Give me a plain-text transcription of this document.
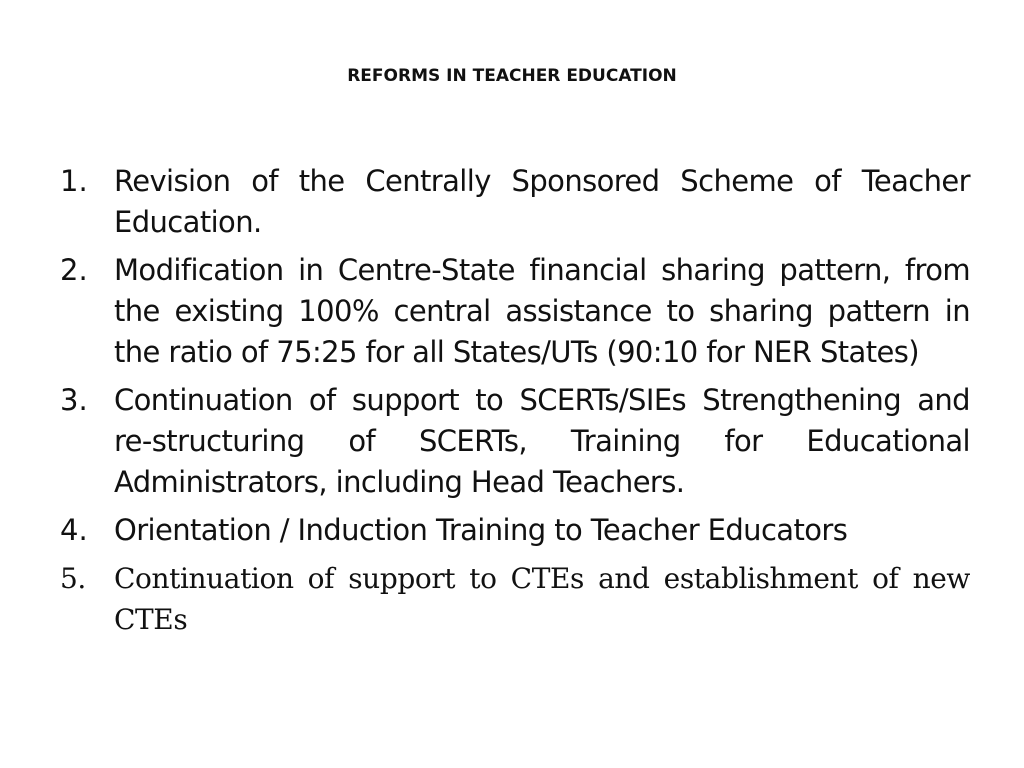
REFORMS IN TEACHER EDUCATION
1. Revision of the Centrally Sponsored Scheme of Teacher Education.
2. Modification in Centre-State financial sharing pattern, from the existing 100% central assistance to sharing pattern in the ratio of 75:25 for all States/UTs (90:10 for NER States)
3. Continuation of support to SCERTs/SIEs Strengthening and re-structuring of SCERTs, Training for Educational Administrators, including Head Teachers.
4. Orientation / Induction Training to Teacher Educators
5.	Continuation of support to CTEs and establishment of new CTEs
